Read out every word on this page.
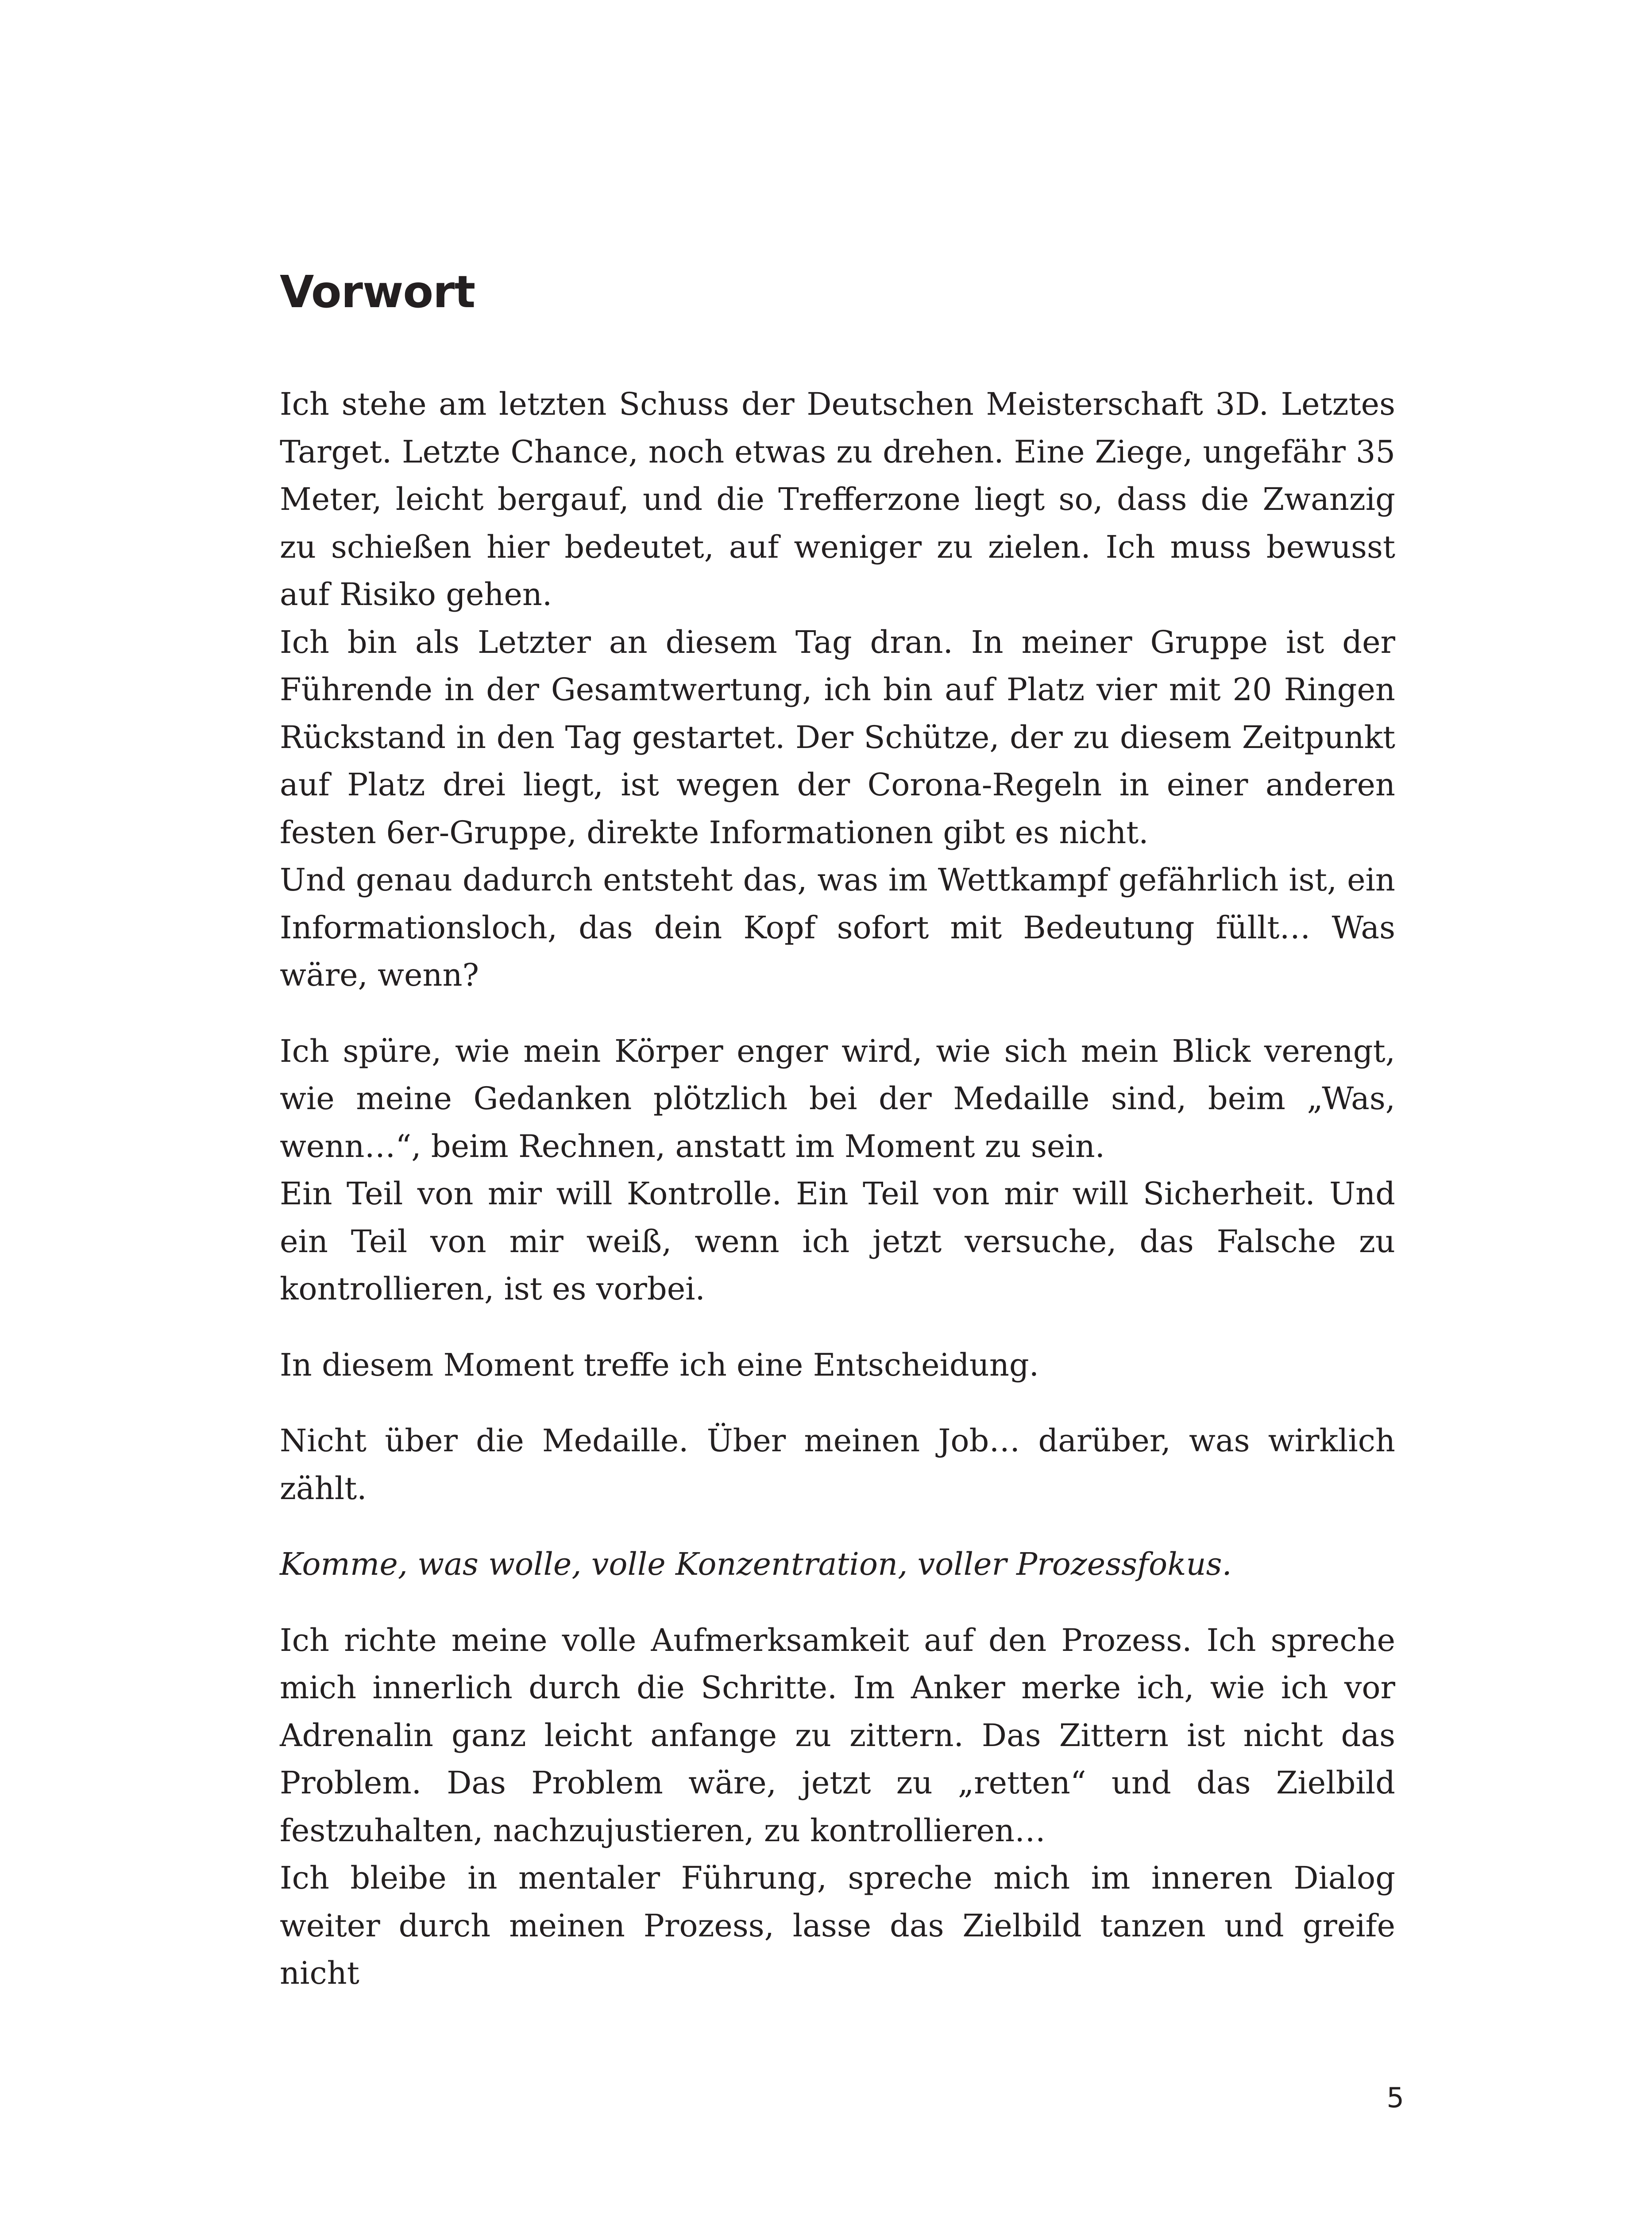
Vorwort

Ich stehe am letzten Schuss der Deutschen Meisterschaft 3D. Letztes Target. Letzte Chance, noch etwas zu drehen. Eine Ziege, ungefähr 35 Meter, leicht bergauf, und die Trefferzone liegt so, dass die Zwanzig zu schießen hier bedeutet, auf weniger zu zielen. Ich muss bewusst auf Risiko gehen.

Ich bin als Letzter an diesem Tag dran. In meiner Gruppe ist der Führende in der Gesamtwertung, ich bin auf Platz vier mit 20 Ringen Rückstand in den Tag gestartet. Der Schütze, der zu diesem Zeitpunkt auf Platz drei liegt, ist wegen der Corona-Regeln in einer anderen festen 6er-Gruppe, direkte Informationen gibt es nicht.

Und genau dadurch entsteht das, was im Wettkampf gefährlich ist, ein Informationsloch, das dein Kopf sofort mit Bedeutung füllt… Was wäre, wenn?

Ich spüre, wie mein Körper enger wird, wie sich mein Blick verengt, wie meine Gedanken plötzlich bei der Medaille sind, beim „Was, wenn…“, beim Rechnen, anstatt im Moment zu sein.

Ein Teil von mir will Kontrolle. Ein Teil von mir will Sicherheit. Und ein Teil von mir weiß, wenn ich jetzt versuche, das Falsche zu kontrollieren, ist es vorbei.

In diesem Moment treffe ich eine Entscheidung.

Nicht über die Medaille. Über meinen Job… darüber, was wirklich zählt.

Komme, was wolle, volle Konzentration, voller Prozessfokus.

Ich richte meine volle Aufmerksamkeit auf den Prozess. Ich spreche mich innerlich durch die Schritte. Im Anker merke ich, wie ich vor Adrenalin ganz leicht anfange zu zittern. Das Zittern ist nicht das Problem. Das Problem wäre, jetzt zu „retten“ und das Zielbild festzuhalten, nachzujustieren, zu kontrollieren…

Ich bleibe in mentaler Führung, spreche mich im inneren Dialog weiter durch meinen Prozess, lasse das Zielbild tanzen und greife nicht

5
